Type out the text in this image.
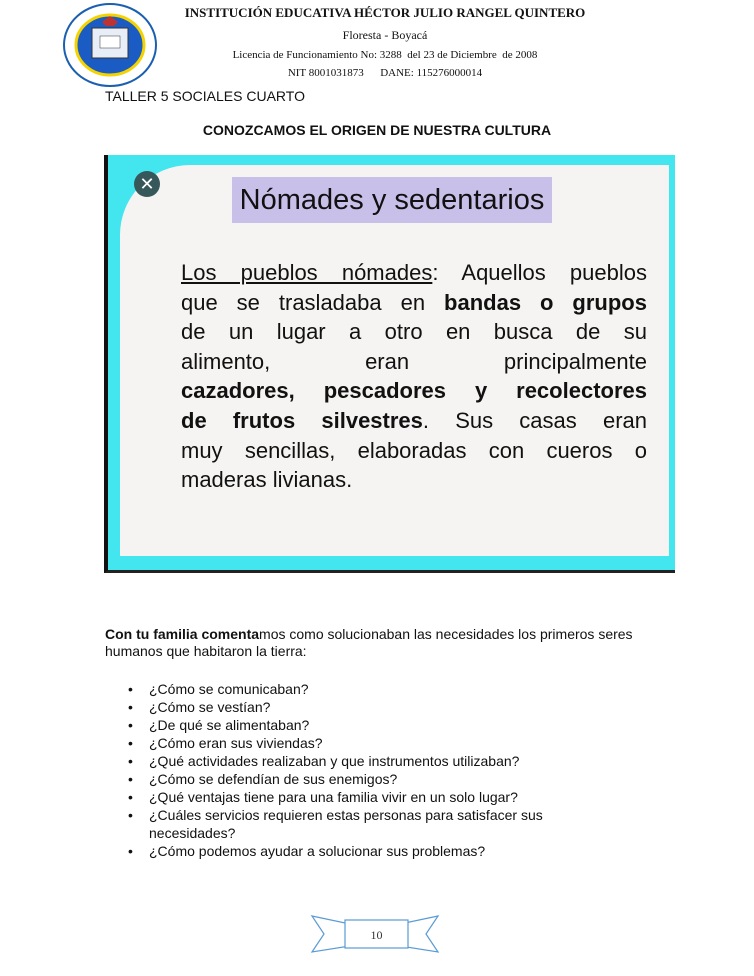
INSTITUCIÓN EDUCATIVA HÉCTOR JULIO RANGEL QUINTERO
Floresta - Boyacá
Licencia de Funcionamiento No: 3288  del 23 de Diciembre  de 2008
NIT 8001031873      DANE: 115276000014
TALLER 5 SOCIALES CUARTO
CONOZCAMOS EL ORIGEN DE NUESTRA CULTURA
✕	Nómades y sedentarios
Los pueblos nómades: Aquellos pueblos
que se trasladaba en bandas o grupos
de un lugar a otro en busca de su
alimento, eran principalmente
cazadores, pescadores y recolectores
de frutos silvestres. Sus casas eran
muy sencillas, elaboradas con cueros o
maderas livianas.
Con tu familia comentamos como solucionaban las necesidades los primeros seres humanos que habitaron la tierra:
• ¿Cómo se comunicaban?
• ¿Cómo se vestían?
• ¿De qué se alimentaban?
• ¿Cómo eran sus viviendas?
• ¿Qué actividades realizaban y que instrumentos utilizaban?
• ¿Cómo se defendían de sus enemigos?
• ¿Qué ventajas tiene para una familia vivir en un solo lugar?
• ¿Cuáles servicios requieren estas personas para satisfacer sus necesidades?
• ¿Cómo podemos ayudar a solucionar sus problemas?
10
